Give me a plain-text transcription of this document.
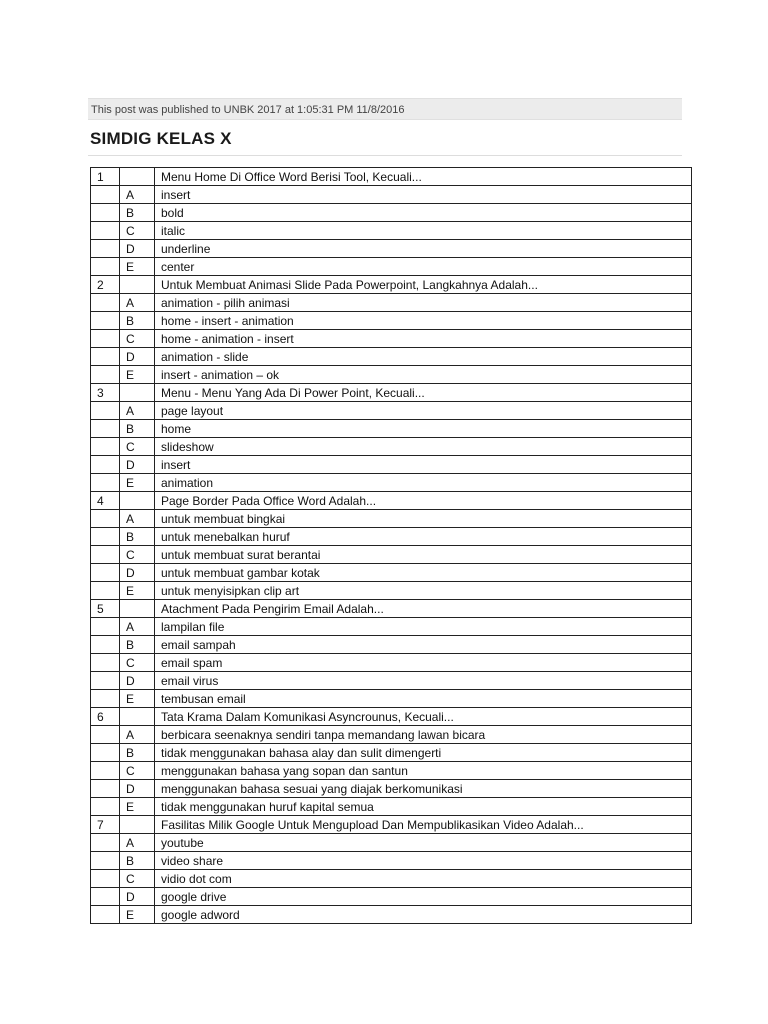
This post was published to UNBK 2017 at 1:05:31 PM 11/8/2016
SIMDIG KELAS X
1		Menu Home Di Office Word Berisi Tool, Kecuali...
	A	insert
	B	bold
	C	italic
	D	underline
	E	center
2		Untuk Membuat Animasi Slide Pada Powerpoint, Langkahnya Adalah...
	A	animation - pilih animasi
	B	home - insert - animation
	C	home - animation - insert
	D	animation - slide
	E	insert - animation – ok
3		Menu - Menu Yang Ada Di Power Point, Kecuali...
	A	page layout
	B	home
	C	slideshow
	D	insert
	E	animation
4		Page Border Pada Office Word Adalah...
	A	untuk membuat bingkai
	B	untuk menebalkan huruf
	C	untuk membuat surat berantai
	D	untuk membuat gambar kotak
	E	untuk menyisipkan clip art
5		Atachment Pada Pengirim Email Adalah...
	A	lampilan file
	B	email sampah
	C	email spam
	D	email virus
	E	tembusan email
6		Tata Krama Dalam Komunikasi Asyncrounus, Kecuali...
	A	berbicara seenaknya sendiri tanpa memandang lawan bicara
	B	tidak menggunakan bahasa alay dan sulit dimengerti
	C	menggunakan bahasa yang sopan dan santun
	D	menggunakan bahasa sesuai yang diajak berkomunikasi
	E	tidak menggunakan huruf kapital semua
7		Fasilitas Milik Google Untuk Mengupload Dan Mempublikasikan Video Adalah...
	A	youtube
	B	video share
	C	vidio dot com
	D	google drive
	E	google adword
